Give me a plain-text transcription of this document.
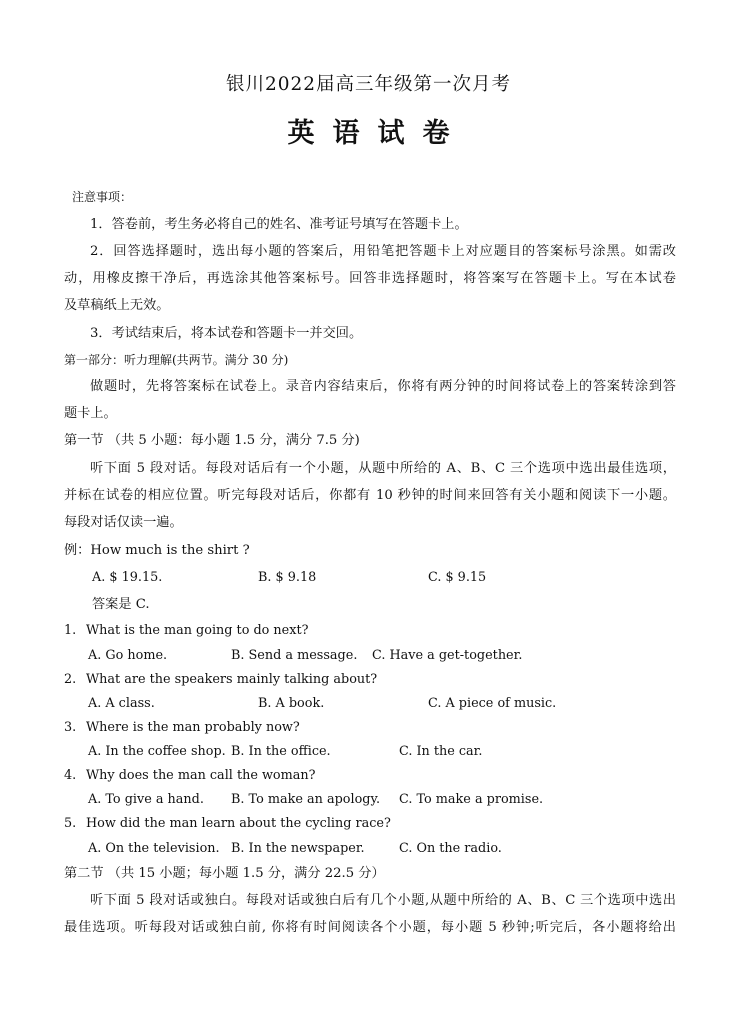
银川2022届高三年级第一次月考
英语试卷
注意事项：
1．答卷前，考生务必将自己的姓名、准考证号填写在答题卡上。
2．回答选择题时，选出每小题的答案后，用铅笔把答题卡上对应题目的答案标号涂黑。如需改
动，用橡皮擦干净后，再选涂其他答案标号。回答非选择题时，将答案写在答题卡上。写在本试卷
及草稿纸上无效。
3．考试结束后，将本试卷和答题卡一并交回。
第一部分：听力理解(共两节。满分 30 分)
做题时，先将答案标在试卷上。录音内容结束后，你将有两分钟的时间将试卷上的答案转涂到答
题卡上。
第一节 （共 5 小题：每小题 1.5 分，满分 7.5 分)
听下面 5 段对话。每段对话后有一个小题，从题中所给的 A、B、C 三个选项中选出最佳选项，
并标在试卷的相应位置。听完每段对话后，你都有 10 秒钟的时间来回答有关小题和阅读下一小题。
每段对话仅读一遍。
例：How much is the shirt ?
A. $ 19.15.	B. $ 9.18	C. $ 9.15
答案是 C.
1. What is the man going to do next?
A. Go home.	B. Send a message. C. Have a get-together.
2. What are the speakers mainly talking about?
A. A class.	B. A book.	C. A piece of music.
3. Where is the man probably now?
A. In the coffee shop. B. In the office.	C. In the car.
4. Why does the man call the woman?
A. To give a hand. B. To make an apology. C. To make a promise.
5. How did the man learn about the cycling race?
A. On the television. B. In the newspaper.	C. On the radio.
第二节 （共 15 小题；每小题 1.5 分，满分 22.5 分）
听下面 5 段对话或独白。每段对话或独白后有几个小题,从题中所给的 A、B、C 三个选项中选出
最佳选项。听每段对话或独白前, 你将有时间阅读各个小题，每小题 5 秒钟;听完后，各小题将给出
